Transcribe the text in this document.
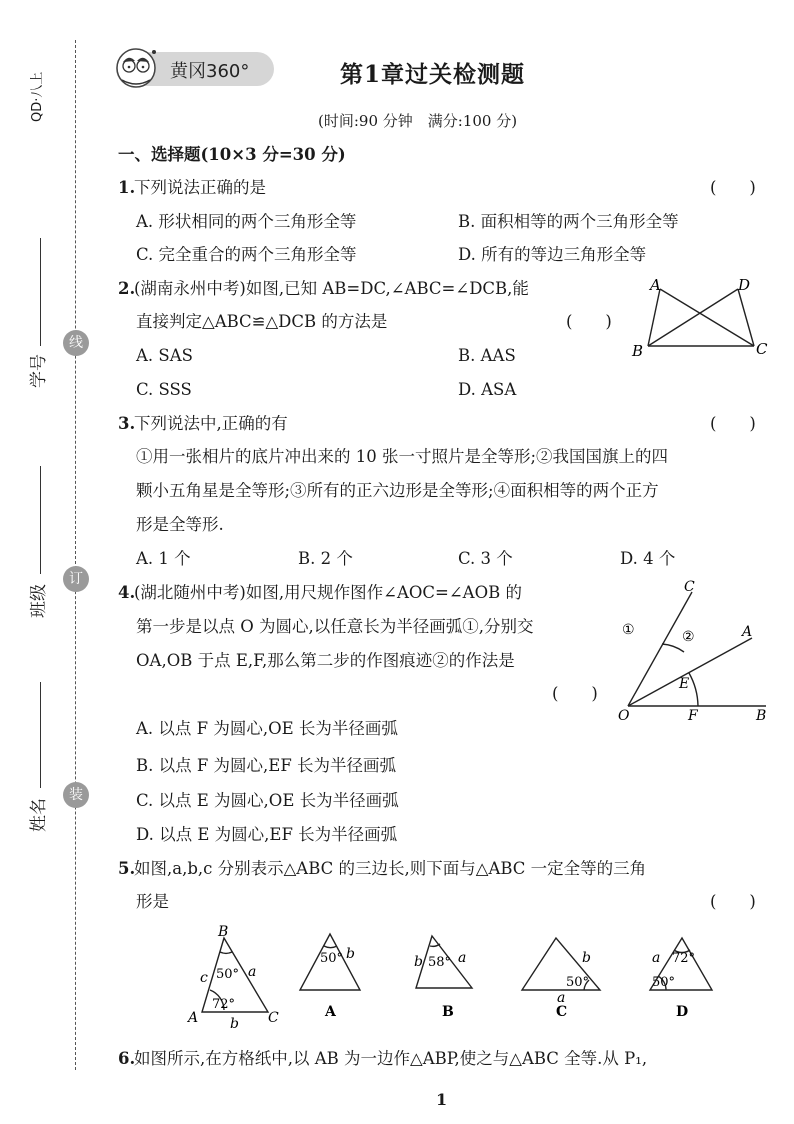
QD·八上
学号
班级
姓名
线
订
装
黄冈360°	第1章过关检测题
(时间:90 分钟　满分:100 分)
一、选择题(10×3 分=30 分)
1.
下列说法正确的是	(　　)
A. 形状相同的两个三角形全等	B. 面积相等的两个三角形全等
C. 完全重合的两个三角形全等	D. 所有的等边三角形全等
2.
(湖南永州中考)如图,已知 AB=DC,∠ABC=∠DCB,能
直接判定△ABC≌△DCB 的方法是	(　　)
A. SAS	B. AAS
C. SSS	D. ASA
A	D
B	C
3.
下列说法中,正确的有	(　　)
①用一张相片的底片冲出来的 10 张一寸照片是全等形;②我国国旗上的四
颗小五角星是全等形;③所有的正六边形是全等形;④面积相等的两个正方
形是全等形.
A. 1 个	B. 2 个	C. 3 个	D. 4 个
4.
(湖北随州中考)如图,用尺规作图作∠AOC=∠AOB 的
第一步是以点 O 为圆心,以任意长为半径画弧①,分别交
OA,OB 于点 E,F,那么第二步的作图痕迹②的作法是
(　　)
A. 以点 F 为圆心,OE 长为半径画弧
B. 以点 F 为圆心,EF 长为半径画弧
C. 以点 E 为圆心,OE 长为半径画弧
D. 以点 E 为圆心,EF 长为半径画弧
C
A
B
O
E
F
①	②
5.
如图,a,b,c 分别表示△ABC 的三边长,则下面与△ABC 一定全等的三角
形是	(　　)
B
A	C
c	a
b
50°
72°
50° b
A
b 58° a
B
b
50°
a
C
a 72°
50°
D
6.
如图所示,在方格纸中,以 AB 为一边作△ABP,使之与△ABC 全等.从 P₁,
1
